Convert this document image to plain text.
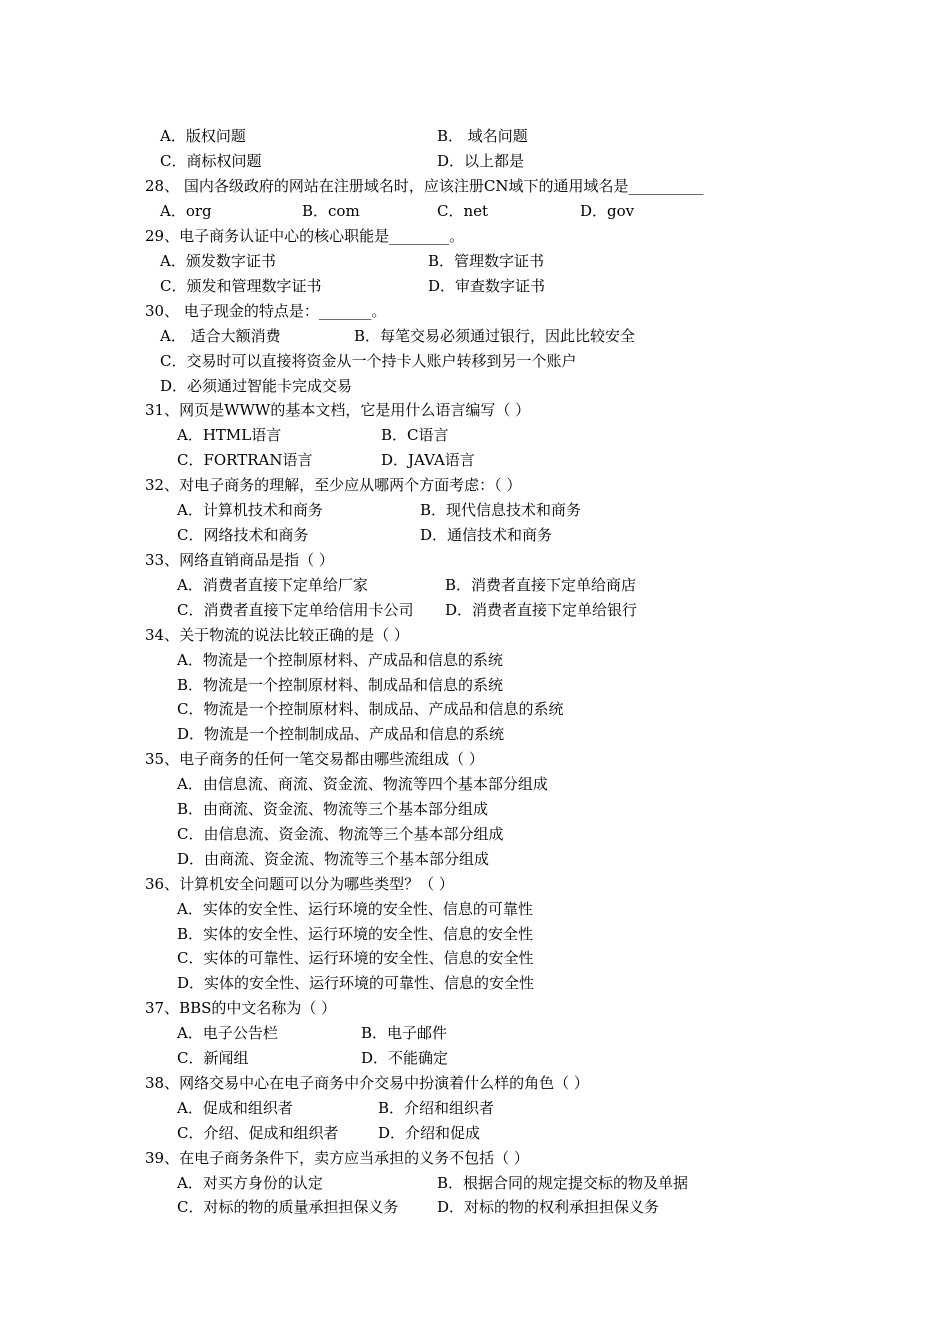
A．版权问题	B． 域名问题
C．商标权问题	D．以上都是
28、 国内各级政府的网站在注册域名时，应该注册CN域下的通用域名是__________
A．org	B．com	C．net	D．gov
29、电子商务认证中心的核心职能是________。
A．颁发数字证书	B．管理数字证书
C．颁发和管理数字证书	D．审查数字证书
30、 电子现金的特点是：_______。
A． 适合大额消费	B．每笔交易必须通过银行，因此比较安全
C．交易时可以直接将资金从一个持卡人账户转移到另一个账户
D．必须通过智能卡完成交易
31、网页是WWW的基本文档，它是用什么语言编写（ ）
A．HTML语言	B．C语言
C．FORTRAN语言	D．JAVA语言
32、对电子商务的理解，至少应从哪两个方面考虑：（ ）
A．计算机技术和商务	B．现代信息技术和商务
C．网络技术和商务	D．通信技术和商务
33、网络直销商品是指（ ）
A．消费者直接下定单给厂家	B．消费者直接下定单给商店
C．消费者直接下定单给信用卡公司 D．消费者直接下定单给银行
34、关于物流的说法比较正确的是（ ）
A．物流是一个控制原材料、产成品和信息的系统
B．物流是一个控制原材料、制成品和信息的系统
C．物流是一个控制原材料、制成品、产成品和信息的系统
D．物流是一个控制制成品、产成品和信息的系统
35、电子商务的任何一笔交易都由哪些流组成（ ）
A．由信息流、商流、资金流、物流等四个基本部分组成
B．由商流、资金流、物流等三个基本部分组成
C．由信息流、资金流、物流等三个基本部分组成
D．由商流、资金流、物流等三个基本部分组成
36、计算机安全问题可以分为哪些类型？（ ）
A．实体的安全性、运行环境的安全性、信息的可靠性
B．实体的安全性、运行环境的安全性、信息的安全性
C．实体的可靠性、运行环境的安全性、信息的安全性
D．实体的安全性、运行环境的可靠性、信息的安全性
37、BBS的中文名称为（ ）
A．电子公告栏	B．电子邮件
C．新闻组	D．不能确定
38、网络交易中心在电子商务中介交易中扮演着什么样的角色（ ）
A．促成和组织者	B．介绍和组织者
C．介绍、促成和组织者	D．介绍和促成
39、在电子商务条件下，卖方应当承担的义务不包括（ ）
A．对买方身份的认定	B．根据合同的规定提交标的物及单据
C．对标的物的质量承担担保义务	D．对标的物的权利承担担保义务
